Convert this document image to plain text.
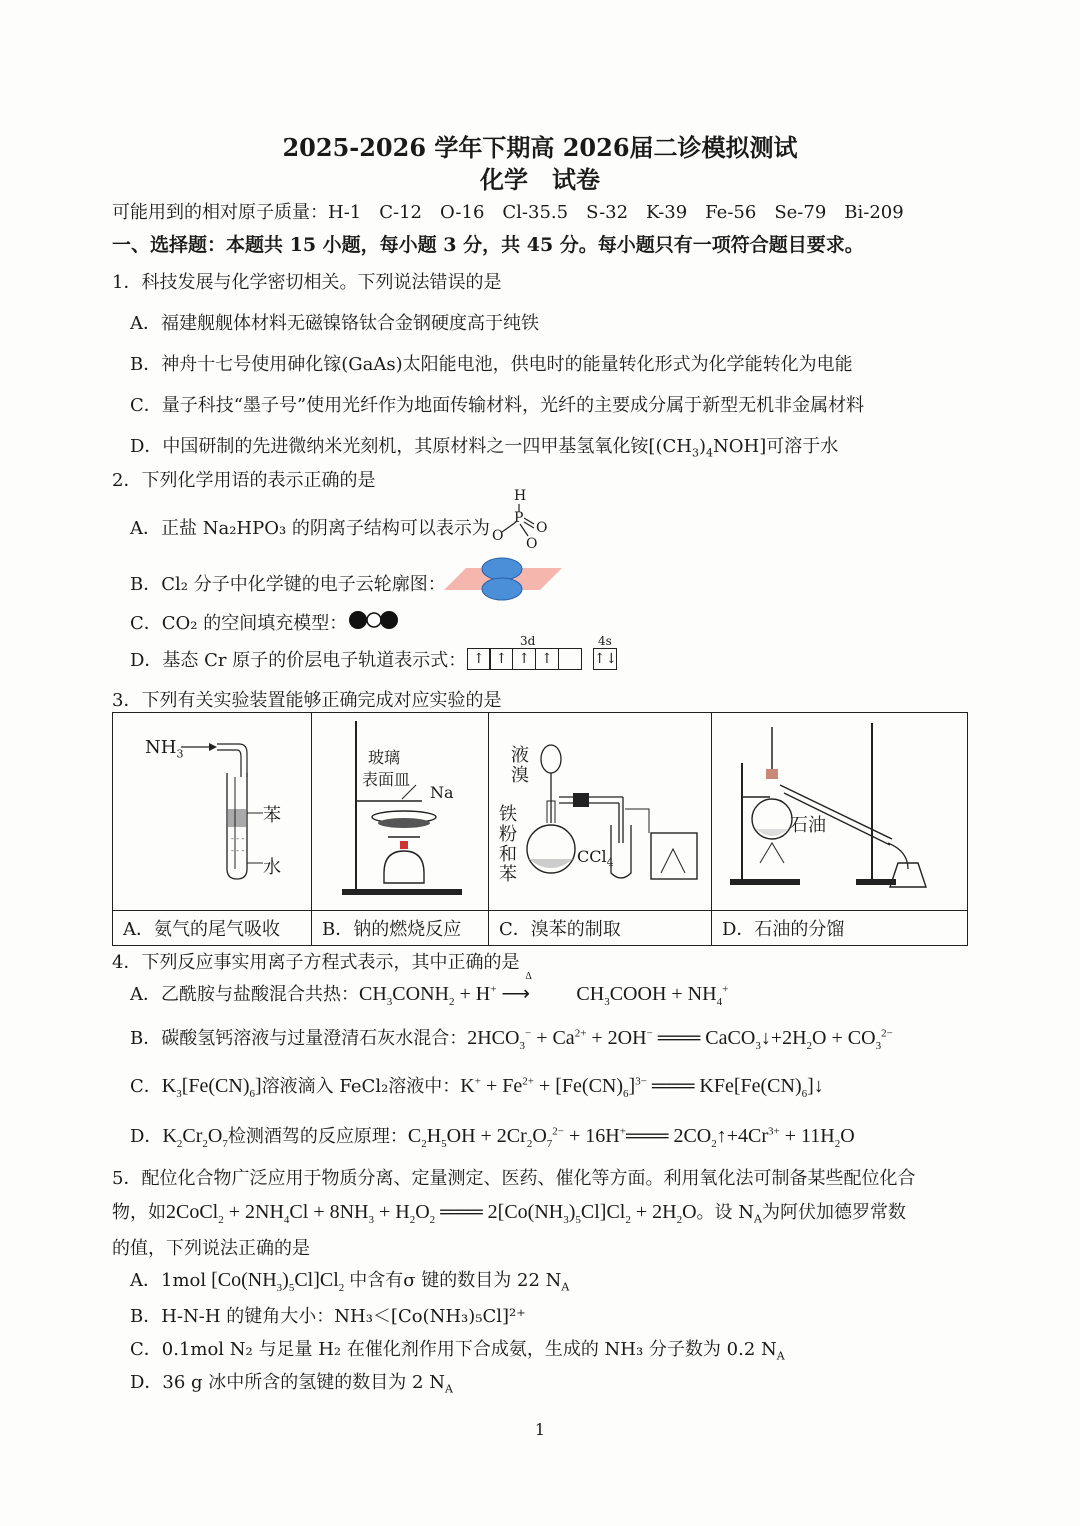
2025-2026 学年下期高 2026届二诊模拟测试
化学　试卷
可能用到的相对原子质量：H-1　C-12　O-16　Cl-35.5　S-32　K-39　Fe-56　Se-79　Bi-209
一、选择题：本题共 15 小题，每小题 3 分，共 45 分。每小题只有一项符合题目要求。
1．科技发展与化学密切相关。下列说法错误的是
A．福建舰舰体材料无磁镍铬钛合金钢硬度高于纯铁
B．神舟十七号使用砷化镓(GaAs)太阳能电池，供电时的能量转化形式为化学能转化为电能
C．量子科技“墨子号”使用光纤作为地面传输材料，光纤的主要成分属于新型无机非金属材料
D．中国研制的先进微纳米光刻机，其原材料之一四甲基氢氧化铵$[(CH_3)_4NOH]$可溶于水
2．下列化学用语的表示正确的是
A．正盐 Na₂HPO₃ 的阴离子结构可以表示为
H
P
O O
O
B．Cl₂ 分子中化学键的电子云轮廓图：
C．CO₂ 的空间填充模型：
D．基态 Cr 原子的价层电子轨道表示式：
3d	4s
↑ ↑ ↑ ↑	↑↓
3．下列有关实验装置能够正确完成对应实验的是
$NH_3$
- - -
- - -
苯
水	玻璃
表面皿
Na	液
溴
铁粉和苯
CCl$_4$	石油

A．氨气的尾气吸收	B．钠的燃烧反应	C．溴苯的制取	D．石油的分馏
4．下列反应事实用离子方程式表示，其中正确的是
A．乙酰胺与盐酸混合共热：$CH_3CONH_2 + H^+$ ⟶
Δ
$CH_3COOH + NH_4^+$
B．碳酸氢钙溶液与过量澄清石灰水混合：$2HCO_3^- + Ca^{2+} + 2OH^-$ ═══ $CaCO_3↓+2H_2O + CO_3^{2-}$
C．$K_3[Fe(CN)_6]$溶液滴入 FeCl₂溶液中：$K^+ + Fe^{2+} + [Fe(CN)_6]^{3-}$ ═══ $KFe[Fe(CN)_6]↓$
D．$K_2Cr_2O_7$检测酒驾的反应原理：$C_2H_5OH + 2Cr_2O_7^{2-}$ + 16H+═══ $2CO_2↑+4Cr^{3+} + 11H_2O$
5．配位化合物广泛应用于物质分离、定量测定、医药、催化等方面。利用氧化法可制备某些配位化合
物，如2CoCl$_2$ + $2NH_4Cl + 8NH_3 + H_2O_2$ ═══ $2[Co(NH_3)_5Cl]Cl_2 + 2H_2O$。设 $N_A$为阿伏加德罗常数
的值，下列说法正确的是
A．1mol $[Co(NH_3)_5Cl]Cl_2$ 中含有σ 键的数目为 22 $N_A$
B．H-N-H 的键角大小：NH₃＜[Co(NH₃)₅Cl]²⁺
C．0.1mol N₂ 与足量 H₂ 在催化剂作用下合成氨，生成的 NH₃ 分子数为 0.2 $N_A$
D．36 g 冰中所含的氢键的数目为 2 $N_A$
1
